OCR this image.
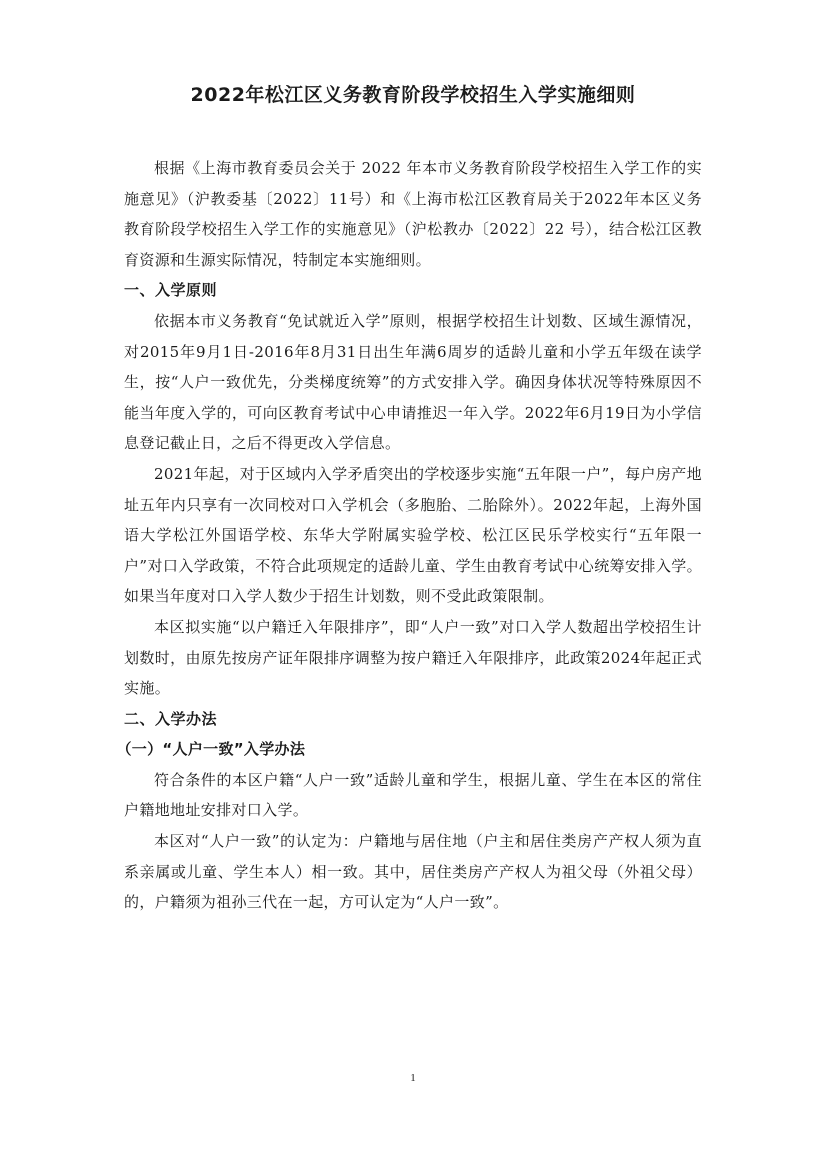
2022年松江区义务教育阶段学校招生入学实施细则

根据《上海市教育委员会关于 2022 年本市义务教育阶段学校招生入学工作的实施意见》（沪教委基〔2022〕11号）和《上海市松江区教育局关于2022年本区义务教育阶段学校招生入学工作的实施意见》（沪松教办〔2022〕22 号），结合松江区教育资源和生源实际情况，特制定本实施细则。

一、入学原则

依据本市义务教育“免试就近入学”原则，根据学校招生计划数、区域生源情况，对2015年9月1日-2016年8月31日出生年满6周岁的适龄儿童和小学五年级在读学生，按“人户一致优先，分类梯度统筹”的方式安排入学。确因身体状况等特殊原因不能当年度入学的，可向区教育考试中心申请推迟一年入学。2022年6月19日为小学信息登记截止日，之后不得更改入学信息。

2021年起，对于区域内入学矛盾突出的学校逐步实施“五年限一户”，每户房产地址五年内只享有一次同校对口入学机会（多胞胎、二胎除外）。2022年起，上海外国语大学松江外国语学校、东华大学附属实验学校、松江区民乐学校实行“五年限一户”对口入学政策，不符合此项规定的适龄儿童、学生由教育考试中心统筹安排入学。如果当年度对口入学人数少于招生计划数，则不受此政策限制。

本区拟实施“以户籍迁入年限排序”，即“人户一致”对口入学人数超出学校招生计划数时，由原先按房产证年限排序调整为按户籍迁入年限排序，此政策2024年起正式实施。

二、入学办法
（一）“人户一致”入学办法

符合条件的本区户籍“人户一致”适龄儿童和学生，根据儿童、学生在本区的常住户籍地地址安排对口入学。

本区对“人户一致”的认定为：户籍地与居住地（户主和居住类房产产权人须为直系亲属或儿童、学生本人）相一致。其中，居住类房产产权人为祖父母（外祖父母）的，户籍须为祖孙三代在一起，方可认定为“人户一致”。

1
